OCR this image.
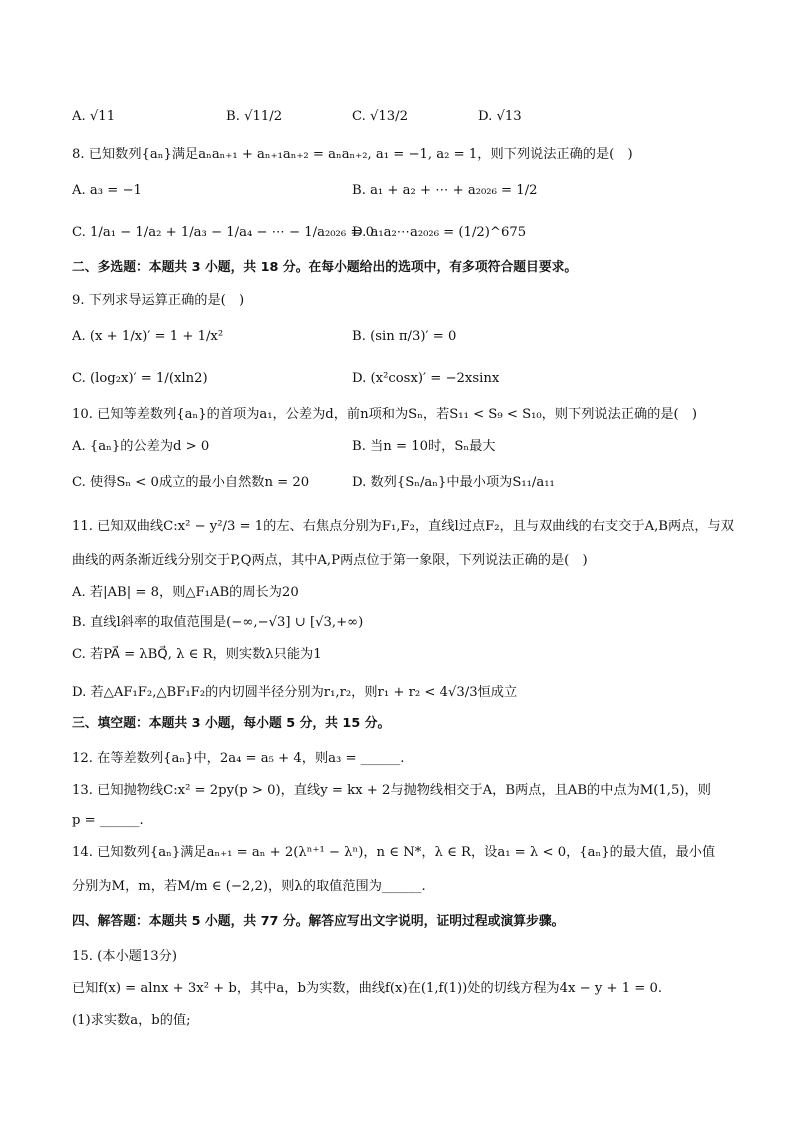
A. √11	B. √11/2	C. √13/2	D. √13
8. 已知数列{aₙ}满足aₙaₙ₊₁ + aₙ₊₁aₙ₊₂ = aₙaₙ₊₂, a₁ = −1, a₂ = 1，则下列说法正确的是(　)
A. a₃ = −1	B. a₁ + a₂ + ⋯ + a₂₀₂₆ = 1/2
C. 1/a₁ − 1/a₂ + 1/a₃ − 1/a₄ − ⋯ − 1/a₂₀₂₆ = 0
D. a₁a₂⋯a₂₀₂₆ = (1/2)^675
二、多选题：本题共 3 小题，共 18 分。在每小题给出的选项中，有多项符合题目要求。
9. 下列求导运算正确的是(　)
A. (x + 1/x)′ = 1 + 1/x²	B. (sin π/3)′ = 0
C. (log₂x)′ = 1/(xln2)	D. (x²cosx)′ = −2xsinx
10. 已知等差数列{aₙ}的首项为a₁，公差为d，前n项和为Sₙ，若S₁₁ < S₉ < S₁₀，则下列说法正确的是(　)
A. {aₙ}的公差为d > 0	B. 当n = 10时，Sₙ最大
C. 使得Sₙ < 0成立的最小自然数n = 20	D. 数列{Sₙ/aₙ}中最小项为S₁₁/a₁₁
11. 已知双曲线C:x² − y²/3 = 1的左、右焦点分别为F₁,F₂，直线l过点F₂，且与双曲线的右支交于A,B两点，与双
曲线的两条渐近线分别交于P,Q两点，其中A,P两点位于第一象限，下列说法正确的是(　)
A. 若|AB| = 8，则△F₁AB的周长为20
B. 直线l斜率的取值范围是(−∞,−√3] ∪ [√3,+∞)
C. 若PA⃗ = λBQ⃗, λ ∈ R，则实数λ只能为1
D. 若△AF₁F₂,△BF₁F₂的内切圆半径分别为r₁,r₂，则r₁ + r₂ < 4√3/3恒成立
三、填空题：本题共 3 小题，每小题 5 分，共 15 分。
12. 在等差数列{aₙ}中，2a₄ = a₅ + 4，则a₃ = ______.
13. 已知抛物线C:x² = 2py(p > 0)，直线y = kx + 2与抛物线相交于A，B两点，且AB的中点为M(1,5)，则
p = ______.
14. 已知数列{aₙ}满足aₙ₊₁ = aₙ + 2(λⁿ⁺¹ − λⁿ)，n ∈ N*，λ ∈ R，设a₁ = λ < 0，{aₙ}的最大值，最小值
分别为M，m，若M/m ∈ (−2,2)，则λ的取值范围为______.
四、解答题：本题共 5 小题，共 77 分。解答应写出文字说明，证明过程或演算步骤。
15. (本小题13分)
已知f(x) = alnx + 3x² + b，其中a，b为实数，曲线f(x)在(1,f(1))处的切线方程为4x − y + 1 = 0.
(1)求实数a，b的值;
